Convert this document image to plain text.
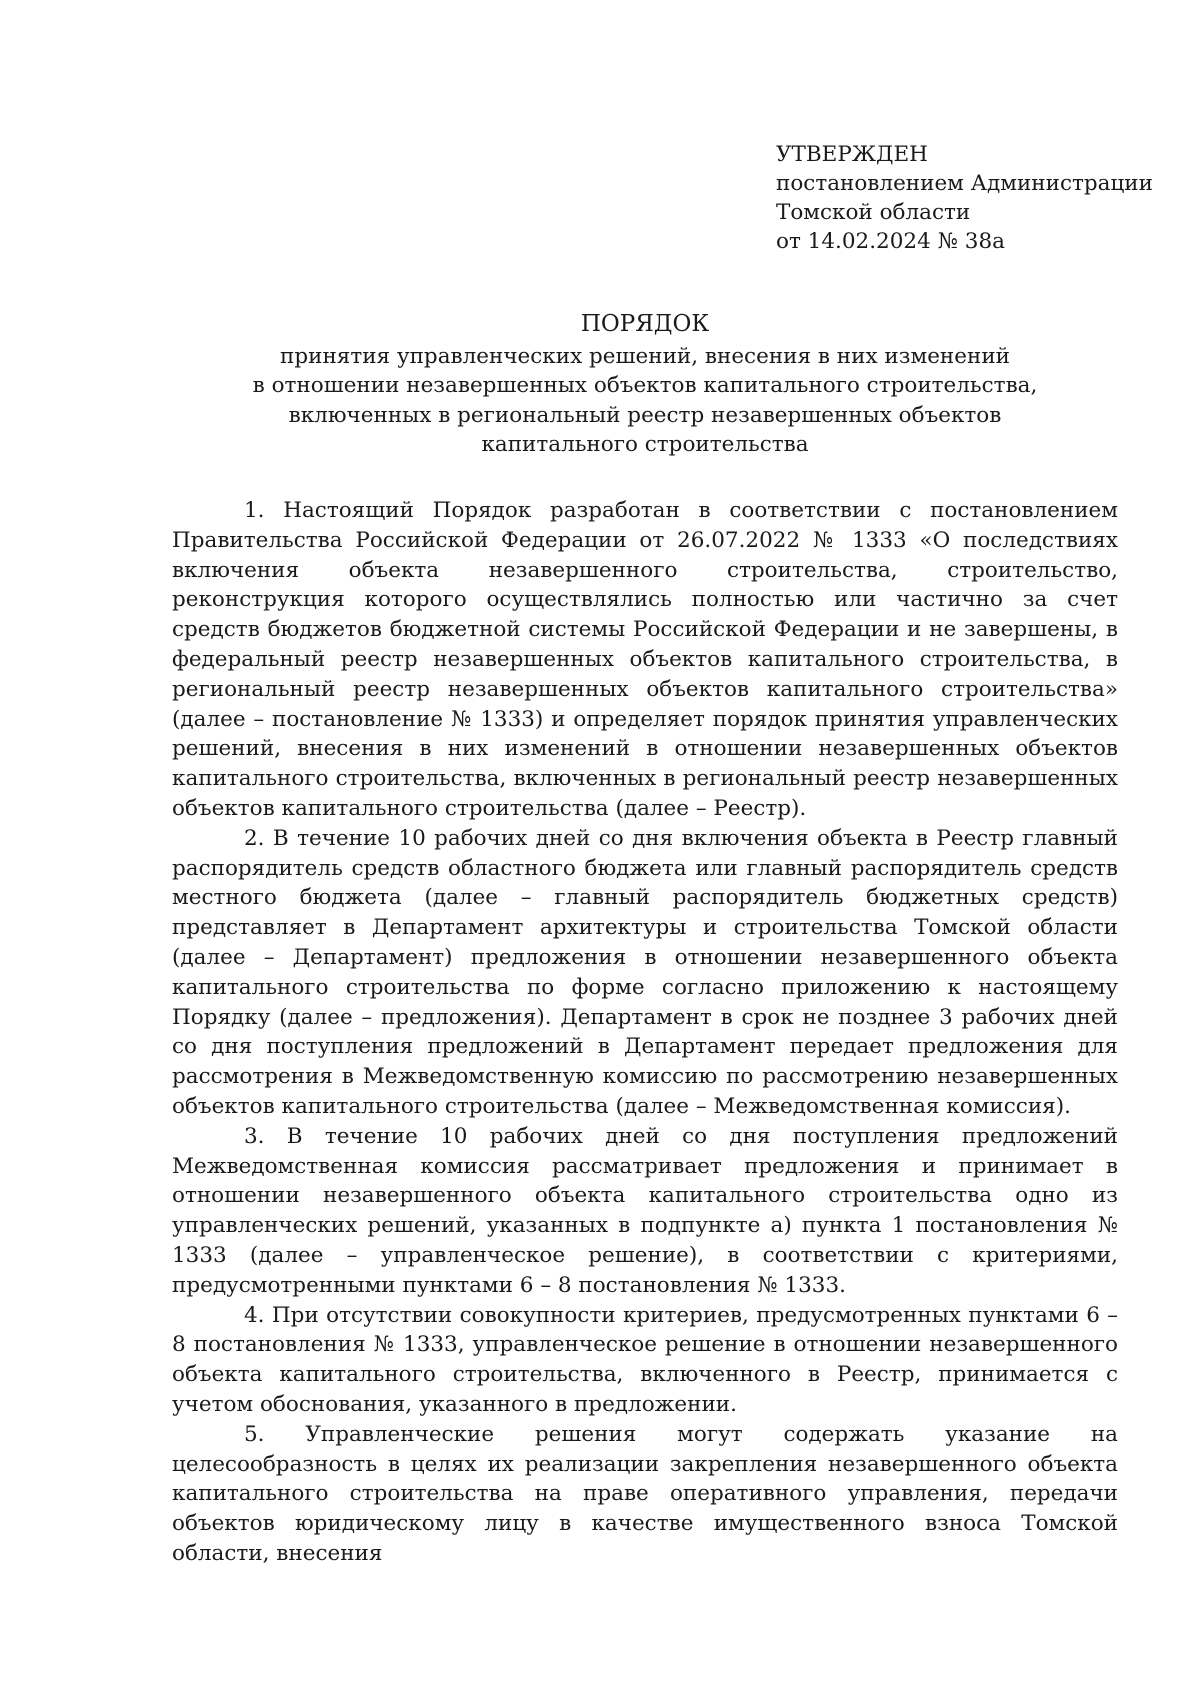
УТВЕРЖДЕН
постановлением Администрации
Томской области
от 14.02.2024 № 38а
ПОРЯДОК
принятия управленческих решений, внесения в них изменений
в отношении незавершенных объектов капитального строительства,
включенных в региональный реестр незавершенных объектов
капитального строительства

1. Настоящий Порядок разработан в соответствии с постановлением Правительства Российской Федерации от 26.07.2022 № 1333 «О последствиях включения объекта незавершенного строительства, строительство, реконструкция которого осуществлялись полностью или частично за счет средств бюджетов бюджетной системы Российской Федерации и не завершены, в федеральный реестр незавершенных объектов капитального строительства, в региональный реестр незавершенных объектов капитального строительства» (далее – постановление № 1333) и определяет порядок принятия управленческих решений, внесения в них изменений в отношении незавершенных объектов капитального строительства, включенных в региональный реестр незавершенных объектов капитального строительства (далее – Реестр).

2. В течение 10 рабочих дней со дня включения объекта в Реестр главный распорядитель средств областного бюджета или главный распорядитель средств местного бюджета (далее – главный распорядитель бюджетных средств) представляет в Департамент архитектуры и строительства Томской области (далее – Департамент) предложения в отношении незавершенного объекта капитального строительства по форме согласно приложению к настоящему Порядку (далее – предложения). Департамент в срок не позднее 3 рабочих дней со дня поступления предложений в Департамент передает предложения для рассмотрения в Межведомственную комиссию по рассмотрению незавершенных объектов капитального строительства (далее – Межведомственная комиссия).

3. В течение 10 рабочих дней со дня поступления предложений Межведомственная комиссия рассматривает предложения и принимает в отношении незавершенного объекта капитального строительства одно из управленческих решений, указанных в подпункте а) пункта 1 постановления № 1333 (далее – управленческое решение), в соответствии с критериями, предусмотренными пунктами 6 – 8 постановления № 1333.

4. При отсутствии совокупности критериев, предусмотренных пунктами 6 – 8 постановления № 1333, управленческое решение в отношении незавершенного объекта капитального строительства, включенного в Реестр, принимается с учетом обоснования, указанного в предложении.

5. Управленческие решения могут содержать указание на целесообразность в целях их реализации закрепления незавершенного объекта капитального строительства на праве оперативного управления, передачи объектов юридическому лицу в качестве имущественного взноса Томской области, внесения
